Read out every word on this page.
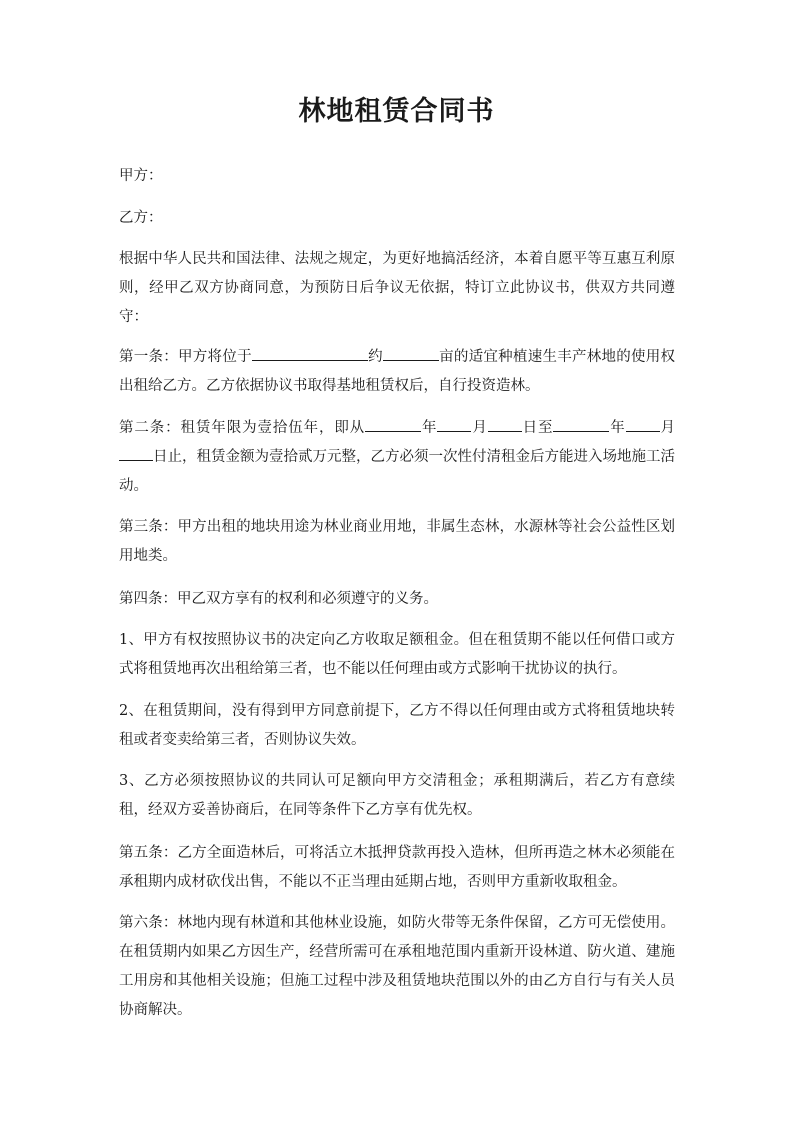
林地租赁合同书

甲方：

乙方：

根据中华人民共和国法律、法规之规定，为更好地搞活经济，本着自愿平等互惠互利原则，经甲乙双方协商同意，为预防日后争议无依据，特订立此协议书，供双方共同遵守：

第一条：甲方将位于	约	亩的适宜种植速生丰产林地的使用权出租给乙方。乙方依据协议书取得基地租赁权后，自行投资造林。

第二条：租赁年限为壹拾伍年，即从	年 月 日至	年 月日止，租赁金额为壹拾贰万元整，乙方必须一次性付清租金后方能进入场地施工活动。

第三条：甲方出租的地块用途为林业商业用地，非属生态林，水源林等社会公益性区划用地类。

第四条：甲乙双方享有的权利和必须遵守的义务。

1、甲方有权按照协议书的决定向乙方收取足额租金。但在租赁期不能以任何借口或方式将租赁地再次出租给第三者，也不能以任何理由或方式影响干扰协议的执行。

2、在租赁期间，没有得到甲方同意前提下，乙方不得以任何理由或方式将租赁地块转租或者变卖给第三者，否则协议失效。

3、乙方必须按照协议的共同认可足额向甲方交清租金；承租期满后，若乙方有意续租，经双方妥善协商后，在同等条件下乙方享有优先权。

第五条：乙方全面造林后，可将活立木抵押贷款再投入造林，但所再造之林木必须能在承租期内成材砍伐出售，不能以不正当理由延期占地，否则甲方重新收取租金。

第六条：林地内现有林道和其他林业设施，如防火带等无条件保留，乙方可无偿使用。在租赁期内如果乙方因生产，经营所需可在承租地范围内重新开设林道、防火道、建施工用房和其他相关设施；但施工过程中涉及租赁地块范围以外的由乙方自行与有关人员协商解决。
